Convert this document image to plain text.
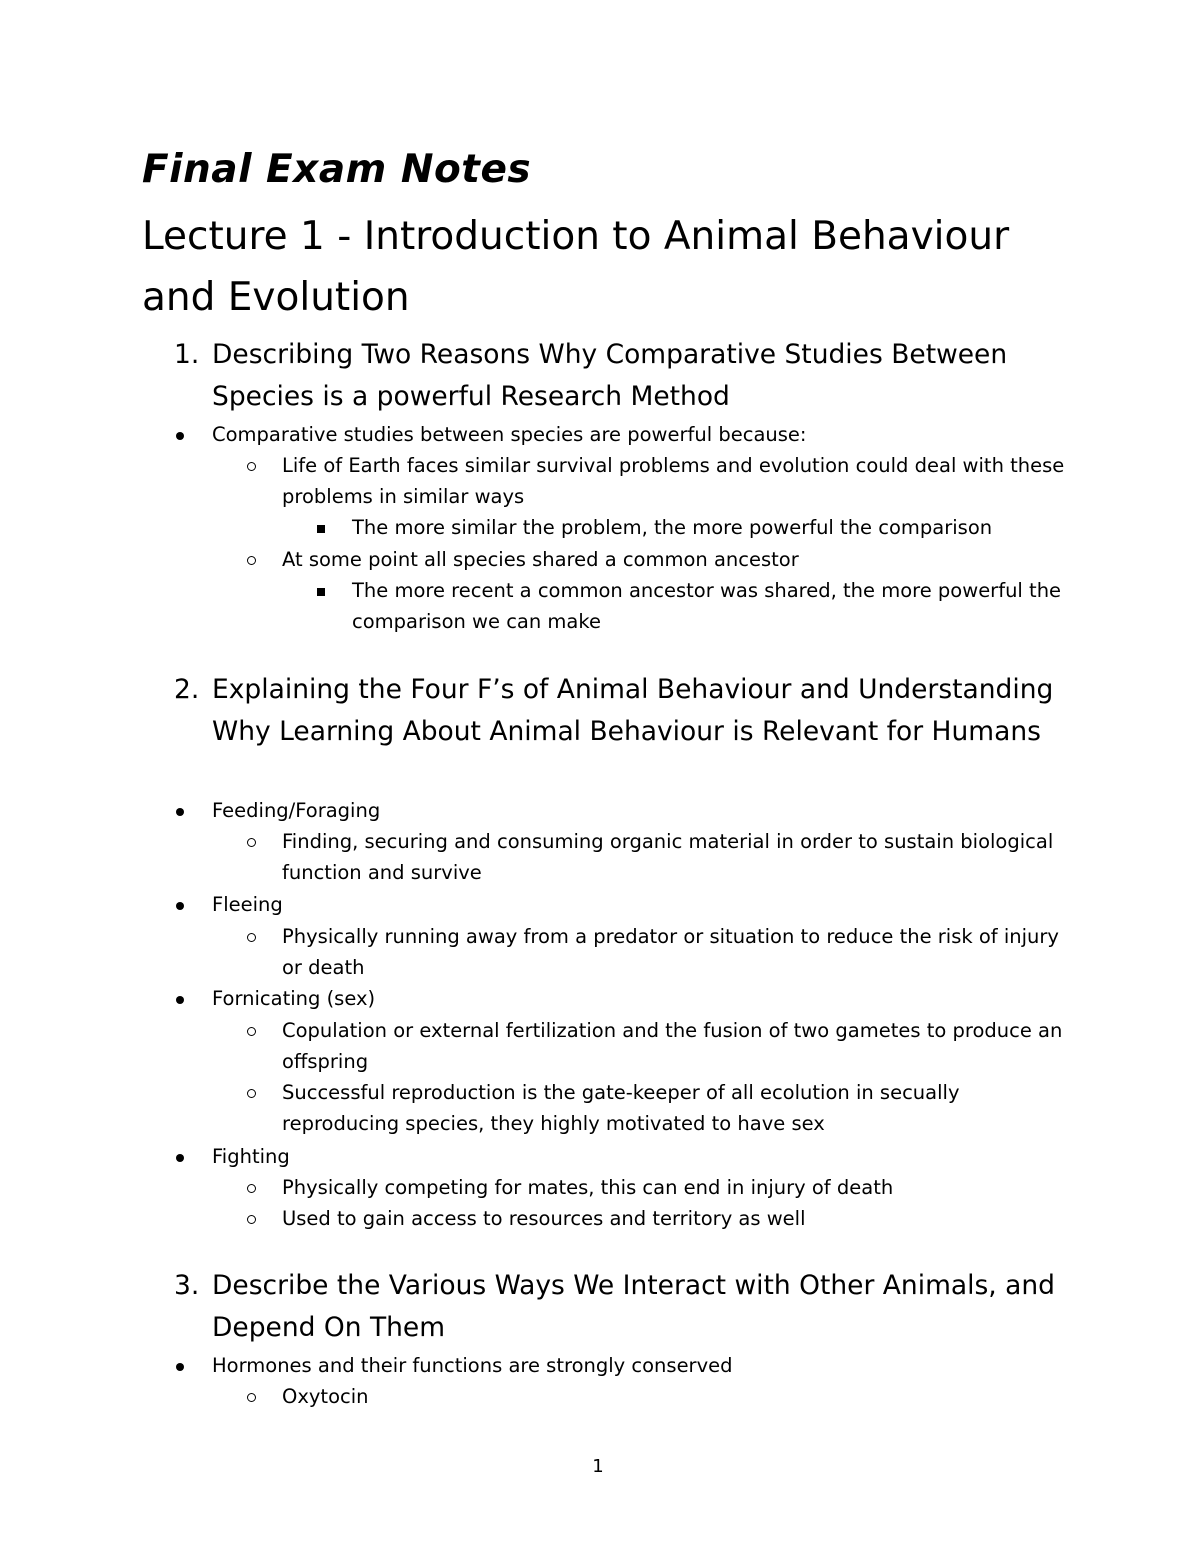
Final Exam Notes
Lecture 1 - Introduction to Animal Behaviour and Evolution
1. Describing Two Reasons Why Comparative Studies Between Species is a powerful Research Method
Comparative studies between species are powerful because:
Life of Earth faces similar survival problems and evolution could deal with these problems in similar ways
The more similar the problem, the more powerful the comparison
At some point all species shared a common ancestor
The more recent a common ancestor was shared, the more powerful the comparison we can make
2. Explaining the Four F’s of Animal Behaviour and Understanding Why Learning About Animal Behaviour is Relevant for Humans
Feeding/Foraging
Finding, securing and consuming organic material in order to sustain biological function and survive
Fleeing
Physically running away from a predator or situation to reduce the risk of injury or death
Fornicating (sex)
Copulation or external fertilization and the fusion of two gametes to produce an offspring
Successful reproduction is the gate-keeper of all ecolution in secually reproducing species, they highly motivated to have sex
Fighting
Physically competing for mates, this can end in injury of death
Used to gain access to resources and territory as well
3. Describe the Various Ways We Interact with Other Animals, and Depend On Them
Hormones and their functions are strongly conserved
Oxytocin
1
